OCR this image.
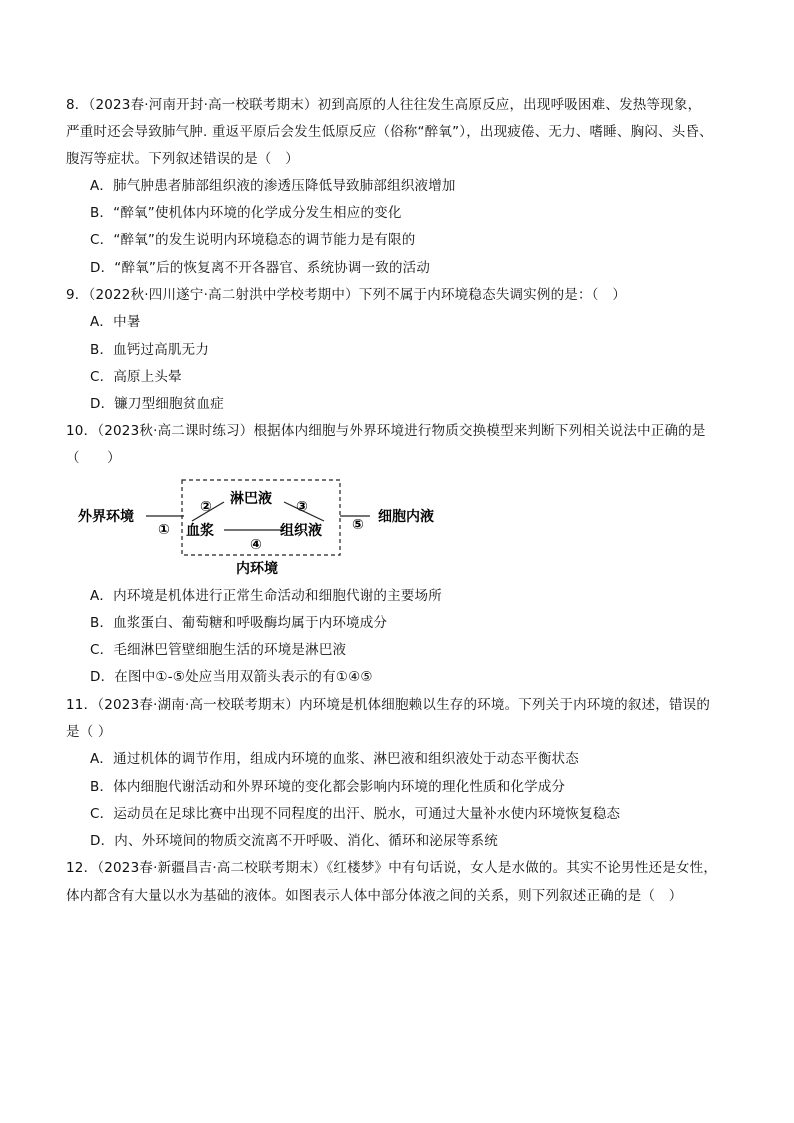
8．（2023春·河南开封·高一校联考期末）初到高原的人往往发生高原反应，出现呼吸困难、发热等现象，
严重时还会导致肺气肿. 重返平原后会发生低原反应（俗称“醉氧”），出现疲倦、无力、嗜睡、胸闷、头昏、
腹泻等症状。下列叙述错误的是（　）
A．肺气肿患者肺部组织液的渗透压降低导致肺部组织液增加
B．“醉氧”使机体内环境的化学成分发生相应的变化
C．“醉氧”的发生说明内环境稳态的调节能力是有限的
D．“醉氧”后的恢复离不开各器官、系统协调一致的活动
9．（2022秋·四川遂宁·高二射洪中学校考期中）下列不属于内环境稳态失调实例的是：（　）
A．中暑
B．血钙过高肌无力
C．高原上头晕
D．镰刀型细胞贫血症
10．（2023秋·高二课时练习）根据体内细胞与外界环境进行物质交换模型来判断下列相关说法中正确的是
（　　）
外界环境
①
② 淋巴液 ③
血浆	组织液
④
⑤ 细胞内液
内环境
A．内环境是机体进行正常生命活动和细胞代谢的主要场所
B．血浆蛋白、葡萄糖和呼吸酶均属于内环境成分
C．毛细淋巴管壁细胞生活的环境是淋巴液
D．在图中①-⑤处应当用双箭头表示的有①④⑤
11．（2023春·湖南·高一校联考期末）内环境是机体细胞赖以生存的环境。下列关于内环境的叙述，错误的
是（ ）
A．通过机体的调节作用，组成内环境的血浆、淋巴液和组织液处于动态平衡状态
B．体内细胞代谢活动和外界环境的变化都会影响内环境的理化性质和化学成分
C．运动员在足球比赛中出现不同程度的出汗、脱水，可通过大量补水使内环境恢复稳态
D．内、外环境间的物质交流离不开呼吸、消化、循环和泌尿等系统
12．（2023春·新疆昌吉·高二校联考期末）《红楼梦》中有句话说，女人是水做的。其实不论男性还是女性，
体内都含有大量以水为基础的液体。如图表示人体中部分体液之间的关系，则下列叙述正确的是（　）
